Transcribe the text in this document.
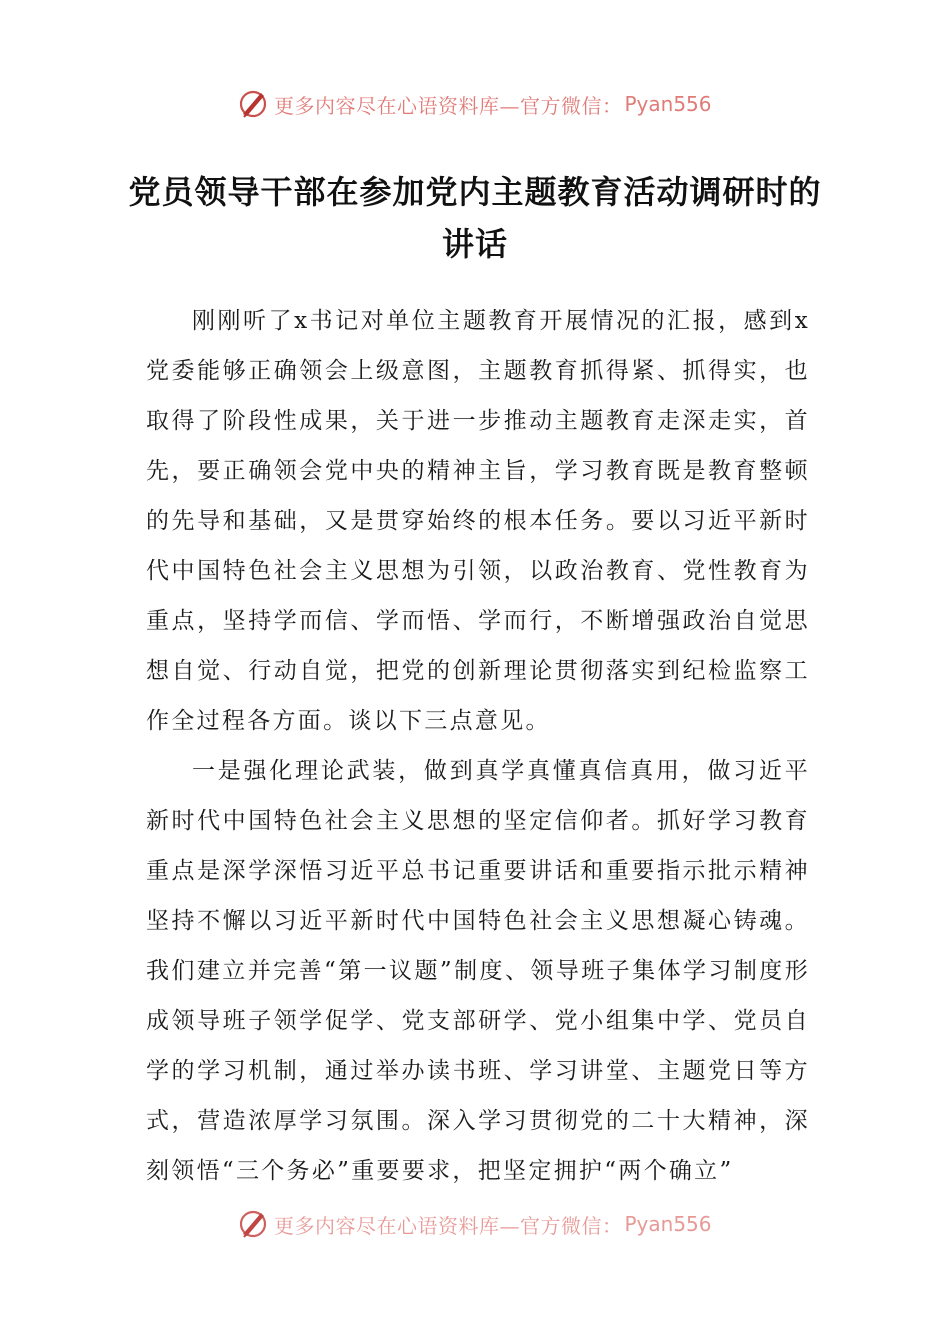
更多内容尽在心语资料库—官方微信： Pyan556
党员领导干部在参加党内主题教育活动调研时的讲话

刚刚听了x书记对单位主题教育开展情况的汇报，感到x党委能够正确领会上级意图，主题教育抓得紧、抓得实，也取得了阶段性成果，关于进一步推动主题教育走深走实，首先，要正确领会党中央的精神主旨，学习教育既是教育整顿的先导和基础，又是贯穿始终的根本任务。要以习近平新时代中国特色社会主义思想为引领，以政治教育、党性教育为重点，坚持学而信、学而悟、学而行，不断增强政治自觉思想自觉、行动自觉，把党的创新理论贯彻落实到纪检监察工作全过程各方面。谈以下三点意见。

一是强化理论武装，做到真学真懂真信真用，做习近平新时代中国特色社会主义思想的坚定信仰者。抓好学习教育重点是深学深悟习近平总书记重要讲话和重要指示批示精神坚持不懈以习近平新时代中国特色社会主义思想凝心铸魂。我们建立并完善“第一议题”制度、领导班子集体学习制度形成领导班子领学促学、党支部研学、党小组集中学、党员自学的学习机制，通过举办读书班、学习讲堂、主题党日等方式，营造浓厚学习氛围。深入学习贯彻党的二十大精神，深刻领悟“三个务必”重要要求，把坚定拥护“两个确立”

更多内容尽在心语资料库—官方微信： Pyan556
